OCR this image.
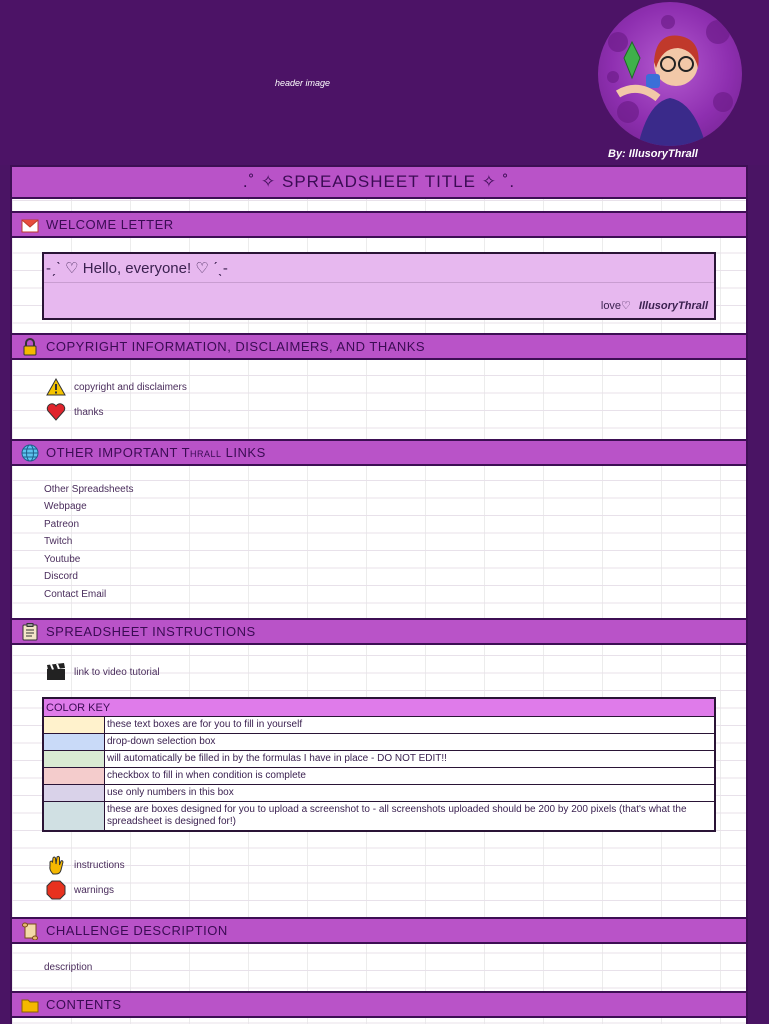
header image
By: IllusoryThrall
.˚ ✧ SPREADSHEET TITLE ✧ ˚.
WELCOME LETTER
-ˏˋ ♡ Hello, everyone! ♡ ˊˎ-
ㅤlove♡ IllusoryThrall
COPYRIGHT INFORMATION, DISCLAIMERS, AND THANKS
copyright and disclaimers
thanks
OTHER IMPORTANT Thrall LINKS
Other Spreadsheets
Webpage
Patreon
Twitch
Youtube
Discord
Contact Email
SPREADSHEET INSTRUCTIONS
link to video tutorial
COLOR KEY
these text boxes are for you to fill in yourself
drop-down selection box
will automatically be filled in by the formulas I have in place - DO NOT EDIT!!
checkbox to fill in when condition is complete
use only numbers in this box
these are boxes designed for you to upload a screenshot to - all screenshots uploaded should be 200 by 200 pixels (that's what the spreadsheet is designed for!)
instructions
warnings
CHALLENGE DESCRIPTION
description
CONTENTS
